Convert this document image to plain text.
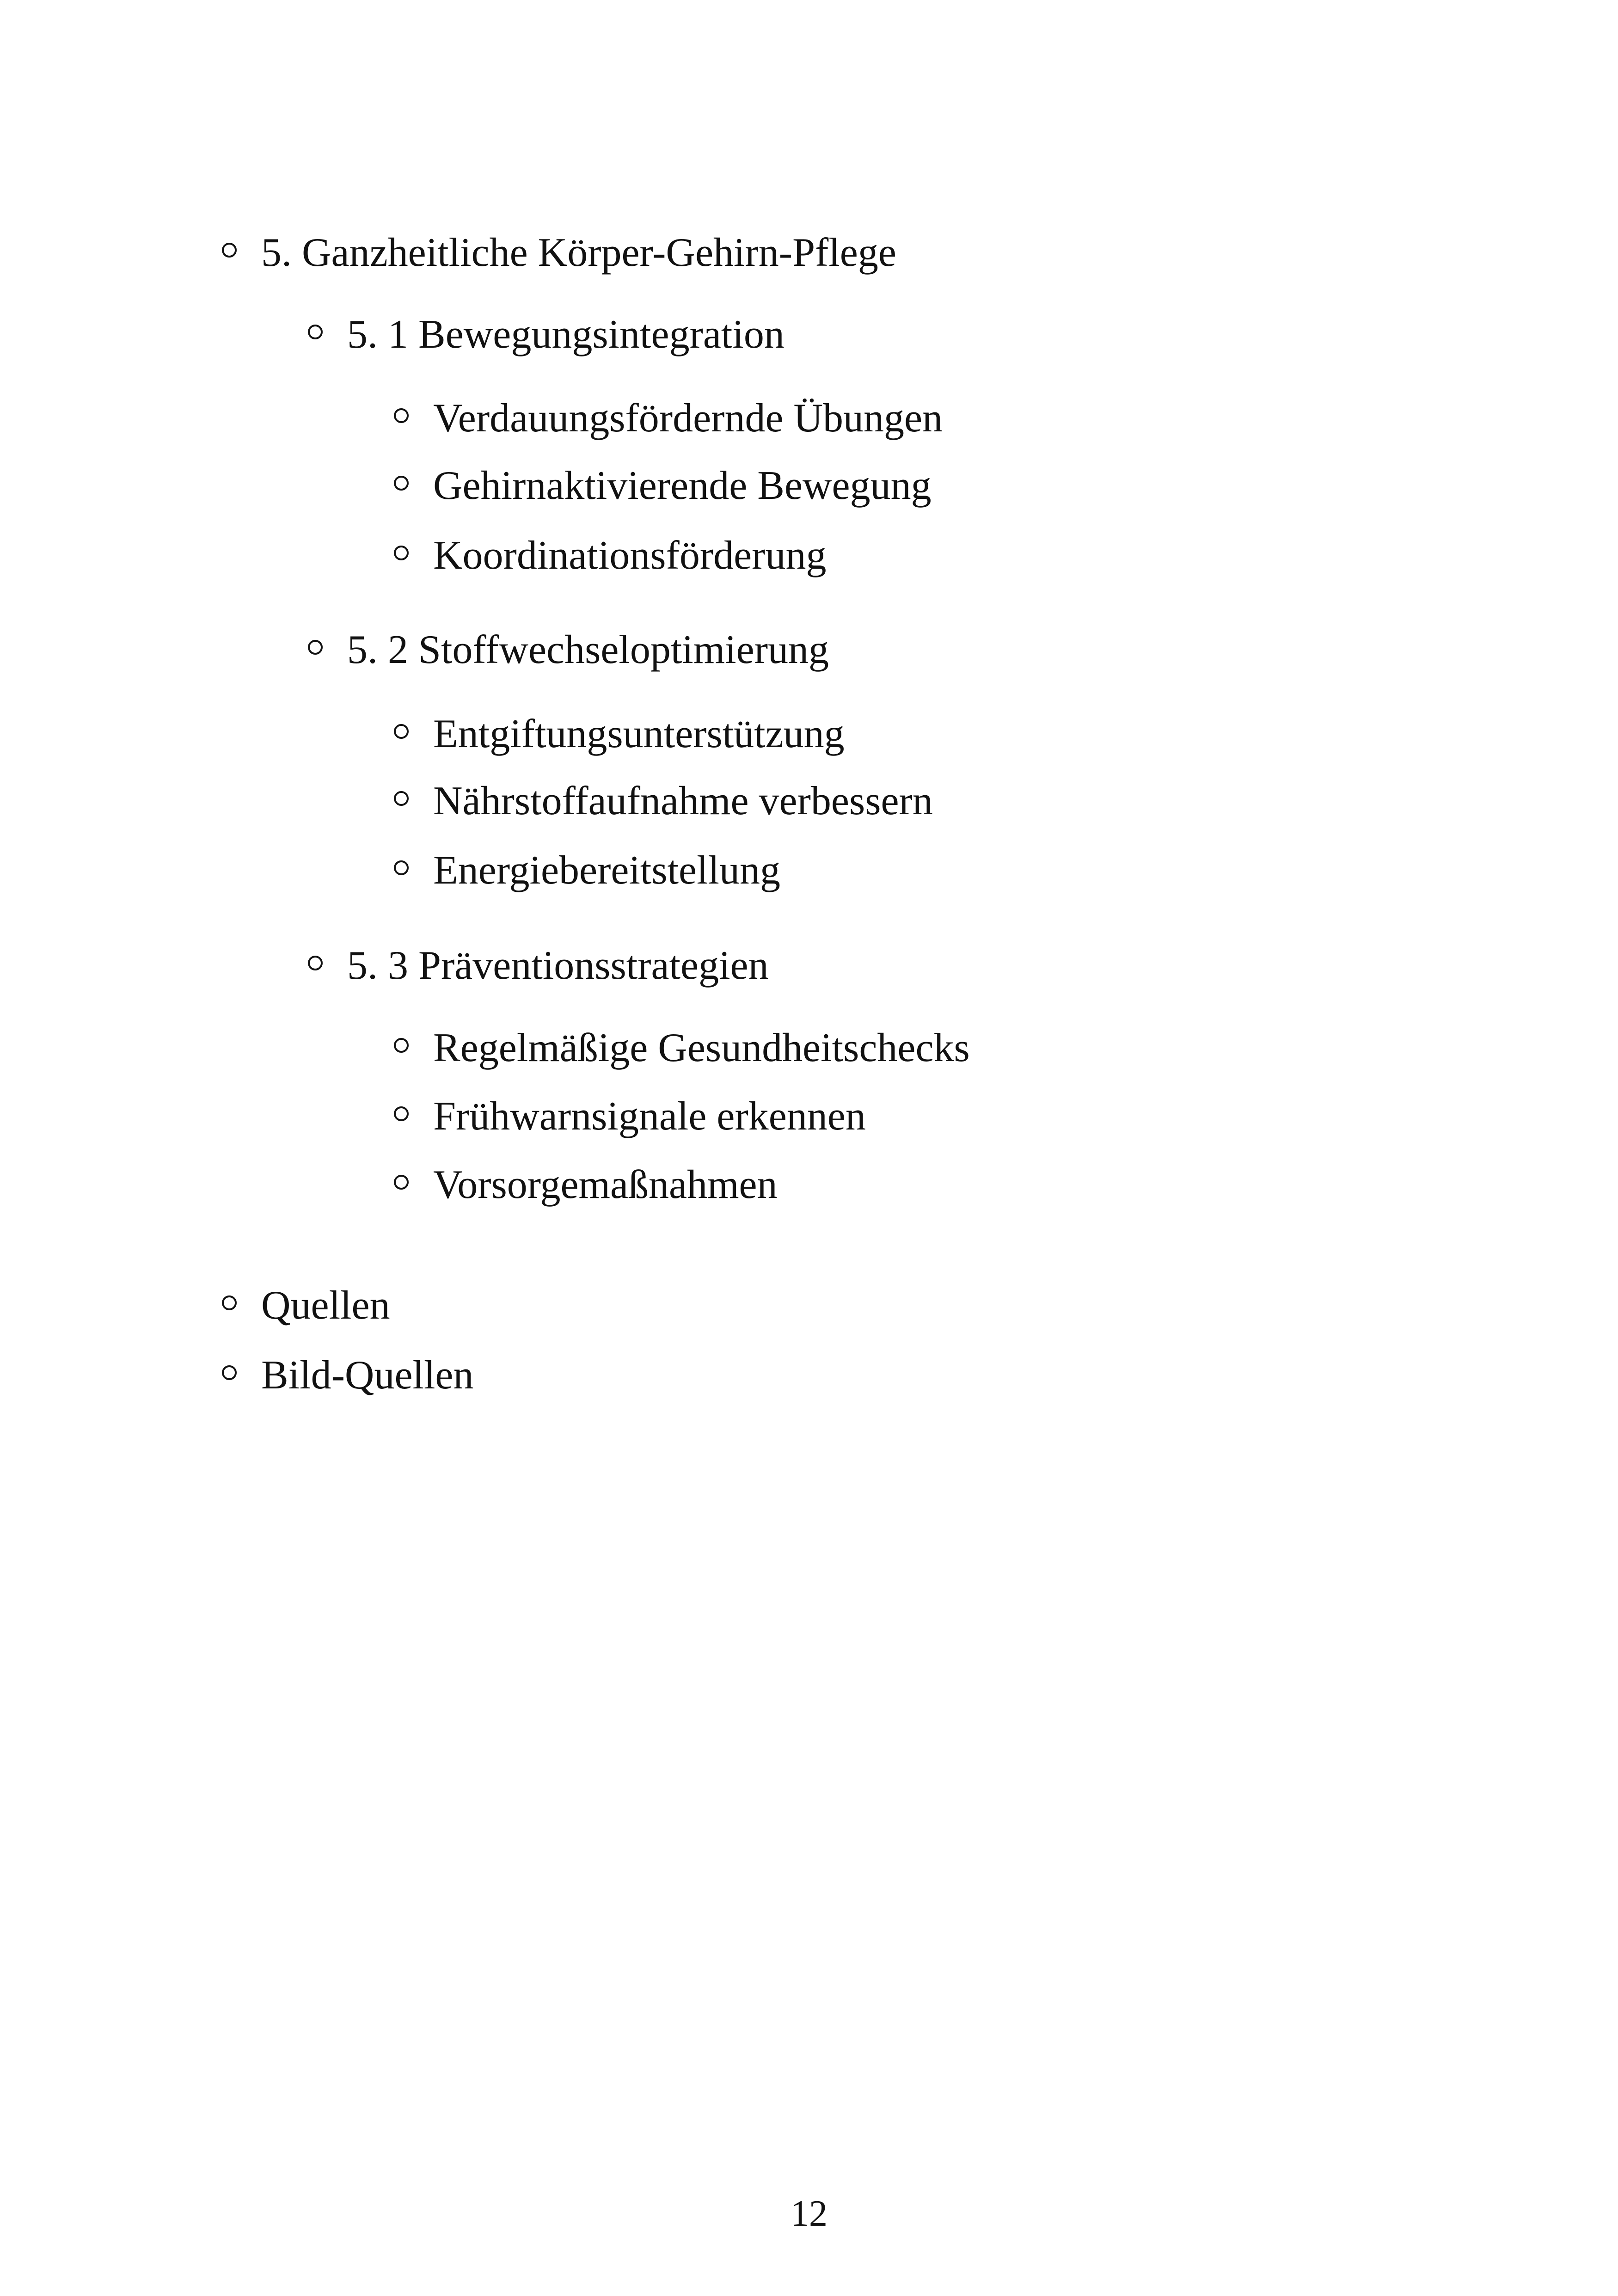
5. Ganzheitliche Körper-Gehirn-Pflege
5. 1 Bewegungsintegration
Verdauungsfördernde Übungen
Gehirnaktivierende Bewegung
Koordinationsförderung
5. 2 Stoffwechseloptimierung
Entgiftungsunterstützung
Nährstoffaufnahme verbessern
Energiebereitstellung
5. 3 Präventionsstrategien
Regelmäßige Gesundheitschecks
Frühwarnsignale erkennen
Vorsorgemaßnahmen
Quellen
Bild-Quellen
12
